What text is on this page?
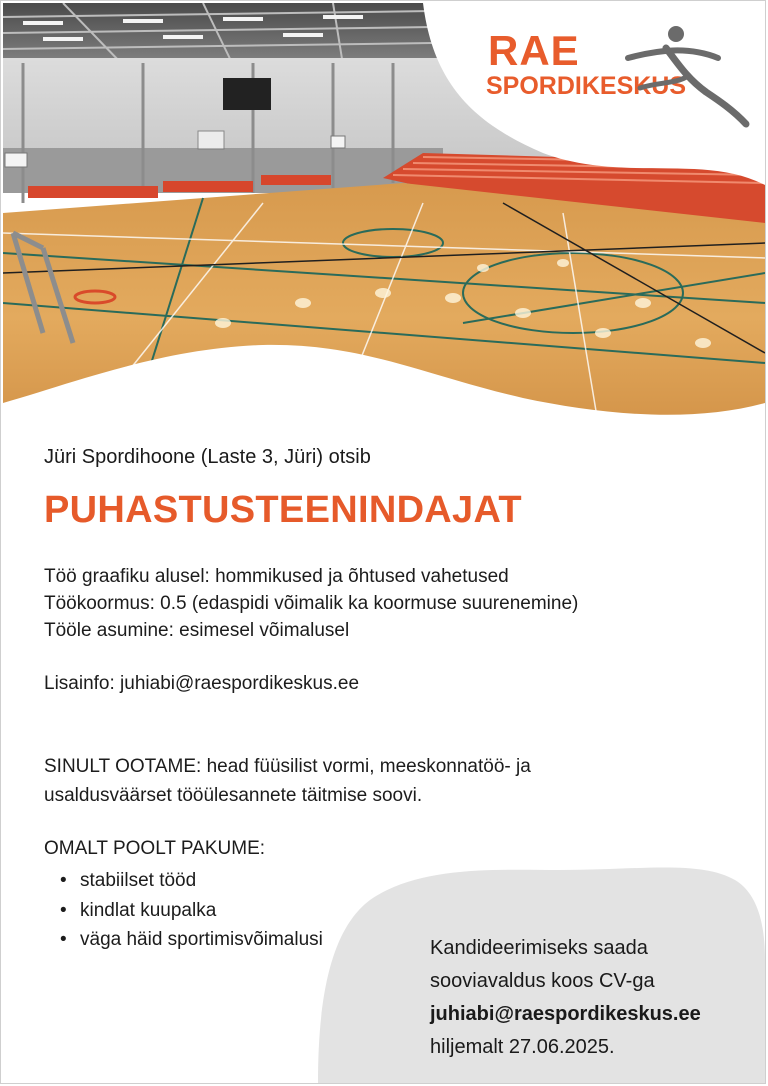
RAE
SPORDIKESKUS
Jüri Spordihoone (Laste 3, Jüri) otsib
PUHASTUSTEENINDAJAT
Töö graafiku alusel: hommikused ja õhtused vahetused
Töökoormus: 0.5 (edaspidi võimalik ka koormuse suurenemine)
Tööle asumine: esimesel võimalusel
Lisainfo: juhiabi@raespordikeskus.ee
SINULT OOTAME: head füüsilist vormi, meeskonnatöö- ja usaldusväärset tööülesannete täitmise soovi.
OMALT POOLT PAKUME:
• stabiilset tööd
• kindlat kuupalka
• väga häid sportimisvõimalusi	Kandideerimiseks saada
sooviavaldus koos CV-ga
juhiabi@raespordikeskus.ee
hiljemalt 27.06.2025.
